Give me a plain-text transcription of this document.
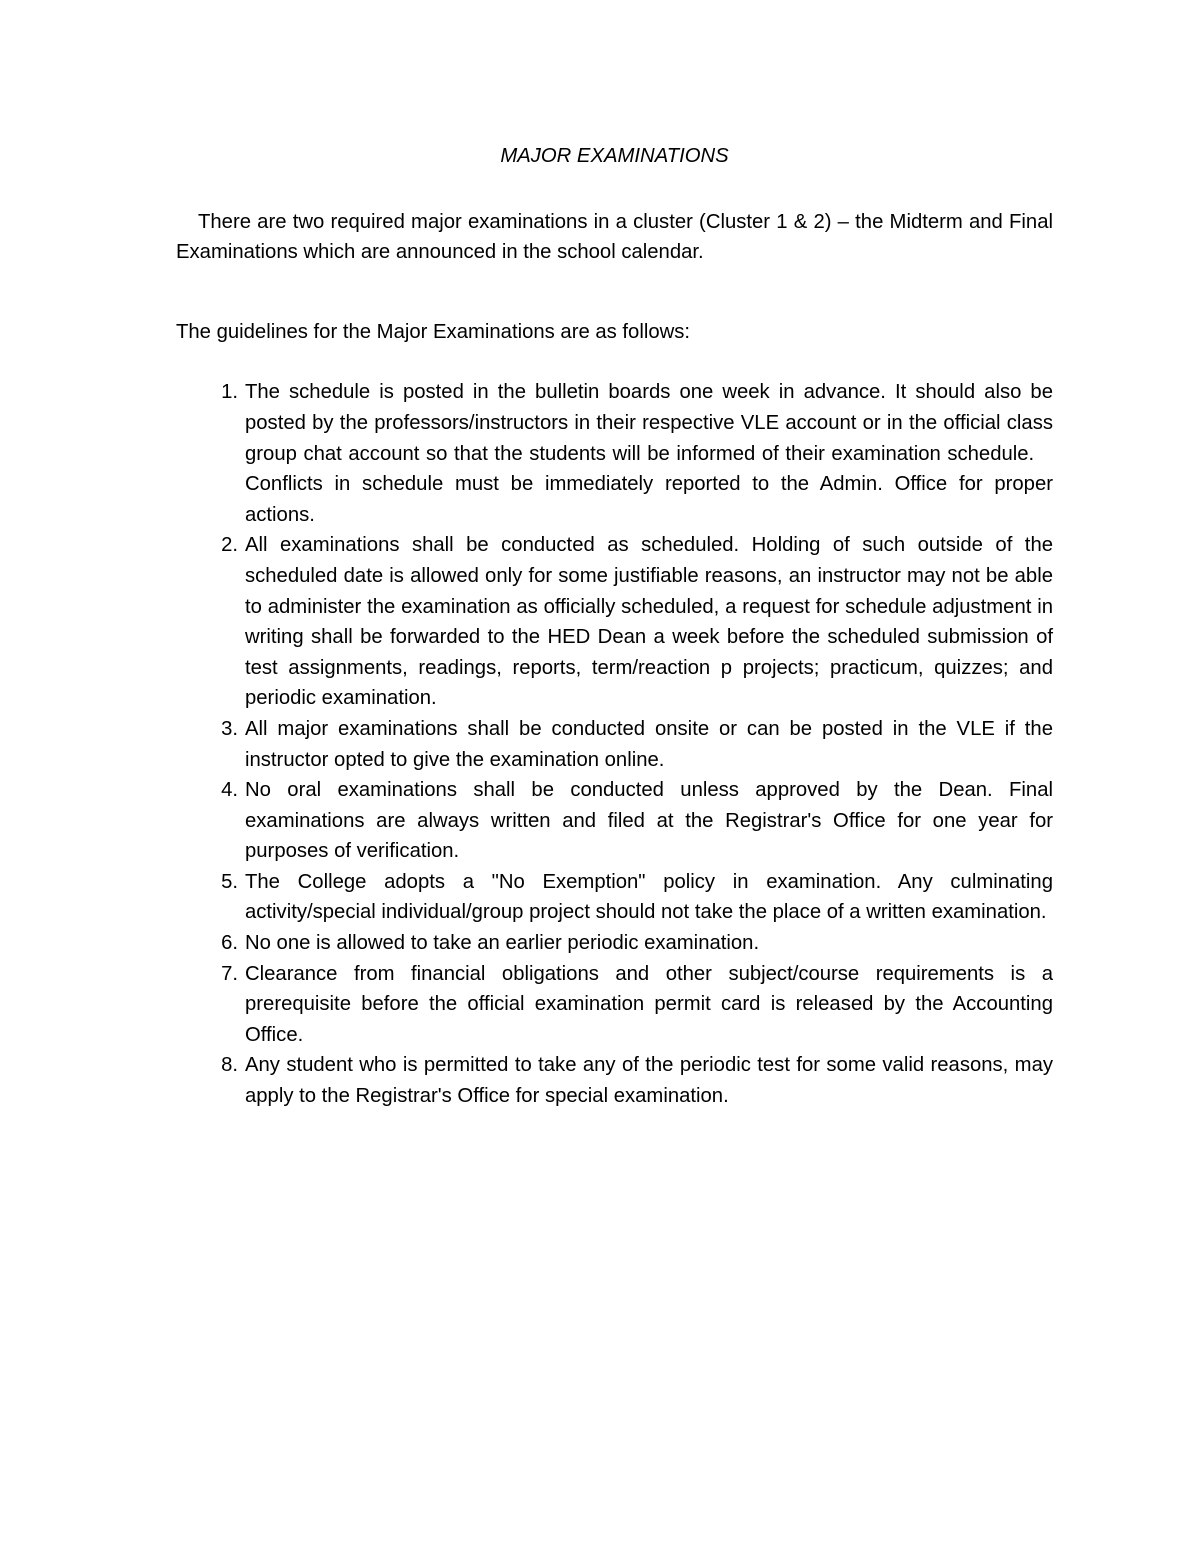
MAJOR EXAMINATIONS

There are two required major examinations in a cluster (Cluster 1 & 2) – the Midterm and Final Examinations which are announced in the school calendar.

The guidelines for the Major Examinations are as follows:

1. The schedule is posted in the bulletin boards one week in advance. It should also be posted by the professors/instructors in their respective VLE account or in the official class group chat account so that the students will be informed of their examination schedule.    Conflicts in schedule must be immediately reported to the Admin. Office for proper actions.
2. All examinations shall be conducted as scheduled. Holding of such outside of the scheduled date is allowed only for some justifiable reasons, an instructor may not be able to administer the examination as officially scheduled, a request for schedule adjustment in writing shall be forwarded to the HED Dean a week before the scheduled submission of test assignments, readings, reports, term/reaction p projects; practicum, quizzes; and periodic examination.
3. All major examinations shall be conducted onsite or can be posted in the VLE if the instructor opted to give the examination online.
4. No oral examinations shall be conducted unless approved by the Dean. Final examinations are always written and filed at the Registrar's Office for one year for purposes of verification.
5. The College adopts a "No Exemption" policy in examination. Any culminating activity/special individual/group project should not take the place of a written examination.
6. No one is allowed to take an earlier periodic examination.
7. Clearance from financial obligations and other subject/course requirements is a prerequisite before the official examination permit card is released by the Accounting Office.
8. Any student who is permitted to take any of the periodic test for some valid reasons, may apply to the Registrar's Office for special examination.
